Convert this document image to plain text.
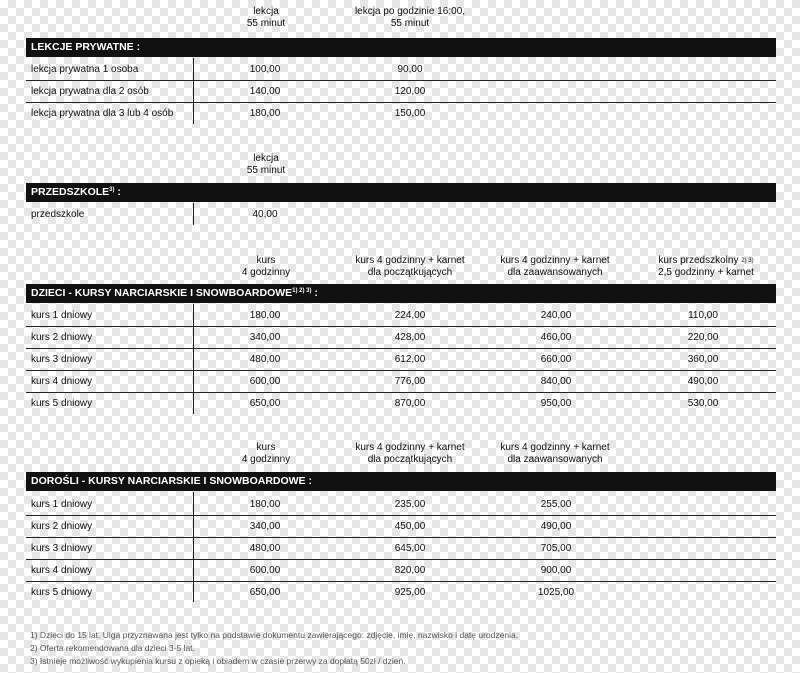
lekcja
55 minut
lekcja po godzinie 16:00,
55 minut
LEKCJE PRYWATNE :
lekcja prywatna 1 osoba	100,00	90,00
lekcja prywatna dla 2 osób	140,00	120,00
lekcja prywatna dla 3 lub 4 osób	180,00	150,00
lekcja
55 minut
PRZEDSZKOLE$^{3)}$ :
przedszkole	40,00
kurs
4 godzinny
kurs 4 godzinny + karnet
dla początkujących
kurs 4 godzinny + karnet
dla zaawansowanych
kurs przedszkolny $^{2) 3)}$
2,5 godzinny + karnet
DZIECI - KURSY NARCIARSKIE I $SNOWBOARDOWE^{1) 2) 3)}$ :
kurs 1 dniowy	180,00	224,00	240,00	110,00
kurs 2 dniowy	340,00	428,00	460,00	220,00
kurs 3 dniowy	480,00	612,00	660,00	360,00
kurs 4 dniowy	600,00	776,00	840,00	490,00
kurs 5 dniowy	650,00	870,00	950,00	530,00
kurs
4 godzinny
kurs 4 godzinny + karnet
dla początkujących
kurs 4 godzinny + karnet
dla zaawansowanych
DOROŚLI - KURSY NARCIARSKIE I SNOWBOARDOWE :
kurs 1 dniowy	180,00	235,00	255,00
kurs 2 dniowy	340,00	450,00	490,00
kurs 3 dniowy	480,00	645,00	705,00
kurs 4 dniowy	600,00	820,00	900,00
kurs 5 dniowy	650,00	925,00	1025,00
1) Dzieci do 15 lat. Ulga przyznawana jest tylko na podstawie dokumentu zawierającego: zdjęcie, imię, nazwisko i datę urodzenia.
2) Oferta rekomendowana dla dzieci 3-5 lat.
3) Istnieje możliwość wykupienia kursu z opieką i obiadem w czasie przerwy za dopłatą 50zł / dzień.
